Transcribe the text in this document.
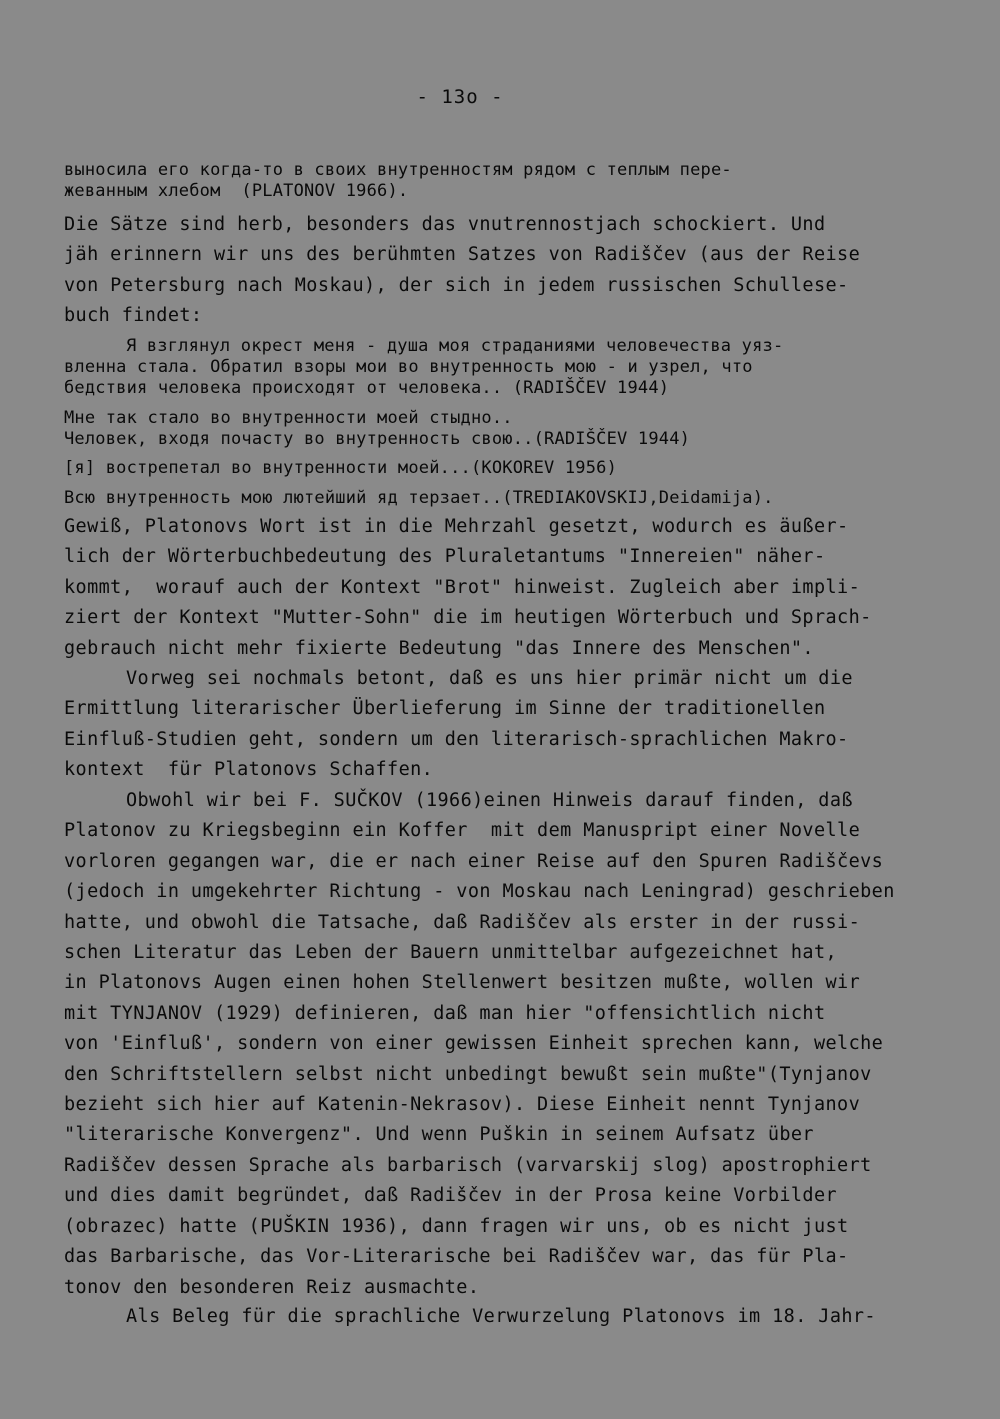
- 13o -
выносила его когда-то в своих внутренностям рядом с теплым пере-
жеванным хлебом  (PLATONOV 1966).
Die Sätze sind herb, besonders das vnutrennostjach schockiert. Und
jäh erinnern wir uns des berühmten Satzes von Radiščev (aus der Reise
von Petersburg nach Moskau), der sich in jedem russischen Schullese-
buch findet:
Я взглянул окрест меня - душа моя страданиями человечества уяз-
вленна стала. Обратил взоры мои во внутренность мою - и узрел, что
бедствия человека происходят от человека.. (RADIŠČEV 1944)
Мне так стало во внутренности моей стыдно..
Человек, входя почасту во внутренность свою..(RADIŠČEV 1944)
[я] вострепетал во внутренности моей...(KOKOREV 1956)
Всю внутренность мою лютейший яд терзает..(TREDIAKOVSKIJ,Deidamija).
Gewiß, Platonovs Wort ist in die Mehrzahl gesetzt, wodurch es äußer-
lich der Wörterbuchbedeutung des Pluraletantums "Innereien" näher-
kommt,  worauf auch der Kontext "Brot" hinweist. Zugleich aber impli-
ziert der Kontext "Mutter-Sohn" die im heutigen Wörterbuch und Sprach-
gebrauch nicht mehr fixierte Bedeutung "das Innere des Menschen".
Vorweg sei nochmals betont, daß es uns hier primär nicht um die
Ermittlung literarischer Überlieferung im Sinne der traditionellen
Einfluß-Studien geht, sondern um den literarisch-sprachlichen Makro-
kontext  für Platonovs Schaffen.
Obwohl wir bei F. SUČKOV (1966)einen Hinweis darauf finden, daß
Platonov zu Kriegsbeginn ein Koffer  mit dem Manuspript einer Novelle
vorloren gegangen war, die er nach einer Reise auf den Spuren Radiščevs
(jedoch in umgekehrter Richtung - von Moskau nach Leningrad) geschrieben
hatte, und obwohl die Tatsache, daß Radiščev als erster in der russi-
schen Literatur das Leben der Bauern unmittelbar aufgezeichnet hat,
in Platonovs Augen einen hohen Stellenwert besitzen mußte, wollen wir
mit TYNJANOV (1929) definieren, daß man hier "offensichtlich nicht
von 'Einfluß', sondern von einer gewissen Einheit sprechen kann, welche
den Schriftstellern selbst nicht unbedingt bewußt sein mußte"(Tynjanov
bezieht sich hier auf Katenin-Nekrasov). Diese Einheit nennt Tynjanov
"literarische Konvergenz". Und wenn Puškin in seinem Aufsatz über
Radiščev dessen Sprache als barbarisch (varvarskij slog) apostrophiert
und dies damit begründet, daß Radiščev in der Prosa keine Vorbilder
(obrazec) hatte (PUŠKIN 1936), dann fragen wir uns, ob es nicht just
das Barbarische, das Vor-Literarische bei Radiščev war, das für Pla-
tonov den besonderen Reiz ausmachte.
Als Beleg für die sprachliche Verwurzelung Platonovs im 18. Jahr-
